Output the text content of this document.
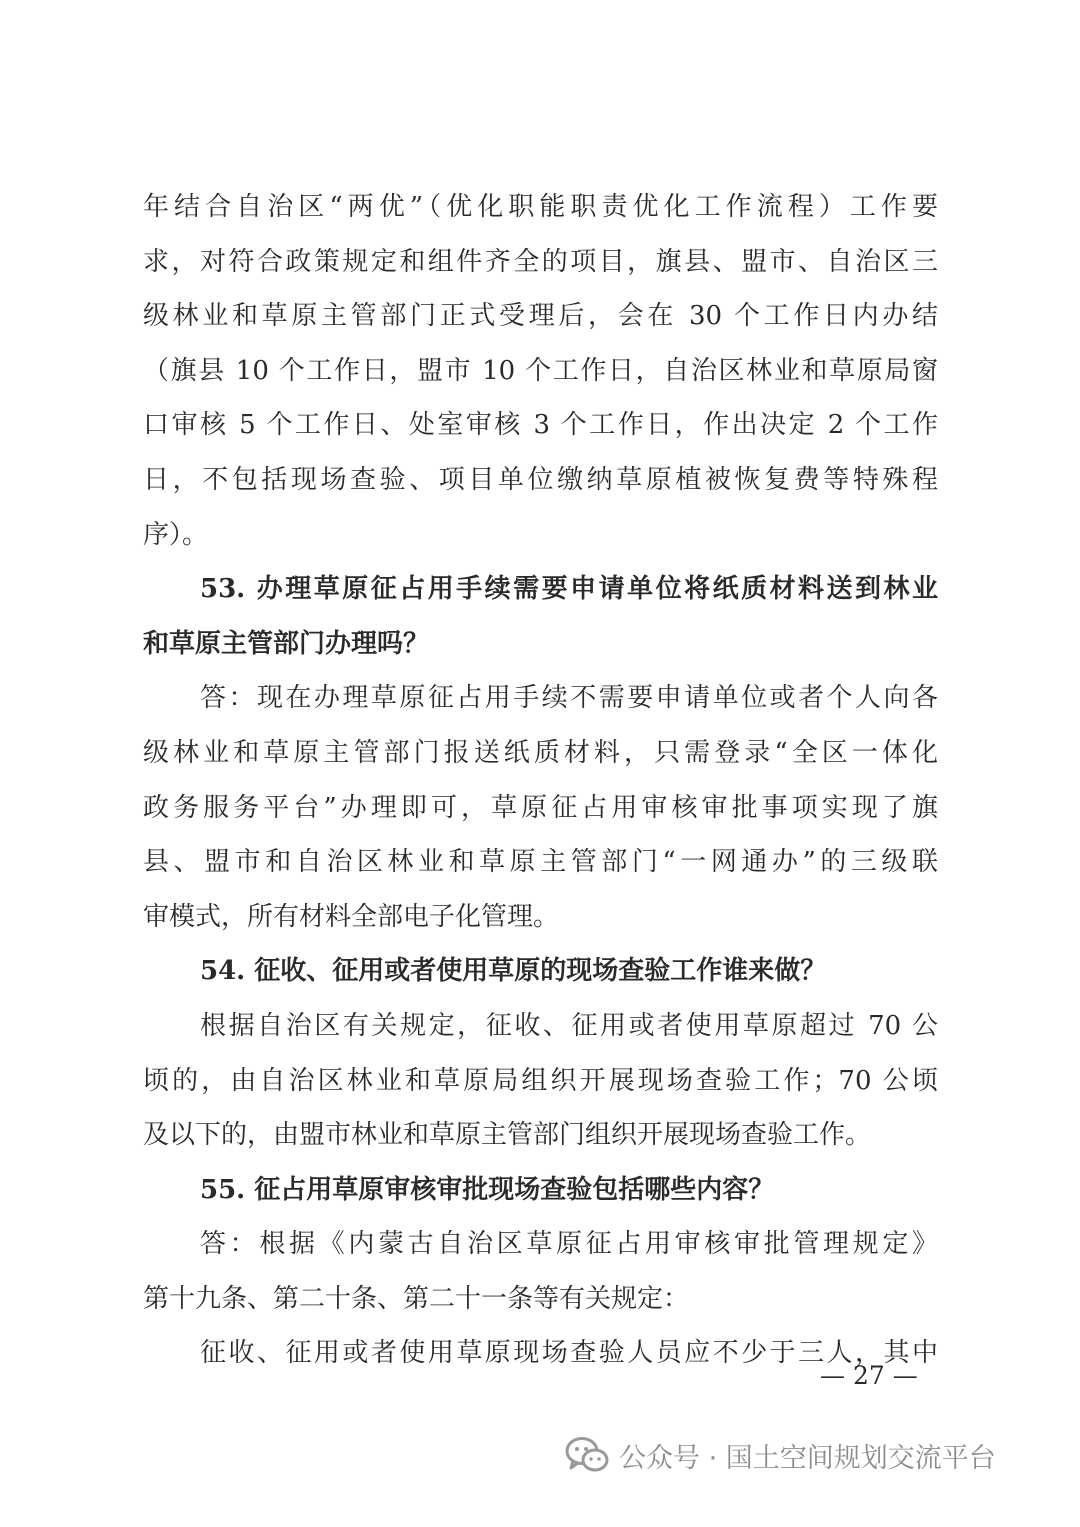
年结合自治区“两优”（优化职能职责优化工作流程）工作要
求，对符合政策规定和组件齐全的项目，旗县、盟市、自治区三
级林业和草原主管部门正式受理后，会在 30 个工作日内办结
（旗县 10 个工作日，盟市 10 个工作日，自治区林业和草原局窗
口审核 5 个工作日、处室审核 3 个工作日，作出决定 2 个工作
日，不包括现场查验、项目单位缴纳草原植被恢复费等特殊程
序）。
53. 办理草原征占用手续需要申请单位将纸质材料送到林业
和草原主管部门办理吗？
答：现在办理草原征占用手续不需要申请单位或者个人向各
级林业和草原主管部门报送纸质材料，只需登录“全区一体化
政务服务平台”办理即可，草原征占用审核审批事项实现了旗
县、盟市和自治区林业和草原主管部门“一网通办”的三级联
审模式，所有材料全部电子化管理。
54. 征收、征用或者使用草原的现场查验工作谁来做？
根据自治区有关规定，征收、征用或者使用草原超过 70 公
顷的，由自治区林业和草原局组织开展现场查验工作；70 公顷
及以下的，由盟市林业和草原主管部门组织开展现场查验工作。
55. 征占用草原审核审批现场查验包括哪些内容？
答：根据《内蒙古自治区草原征占用审核审批管理规定》
第十九条、第二十条、第二十一条等有关规定：
征收、征用或者使用草原现场查验人员应不少于三人，其中
— 27 —
公众号 · 国土空间规划交流平台
